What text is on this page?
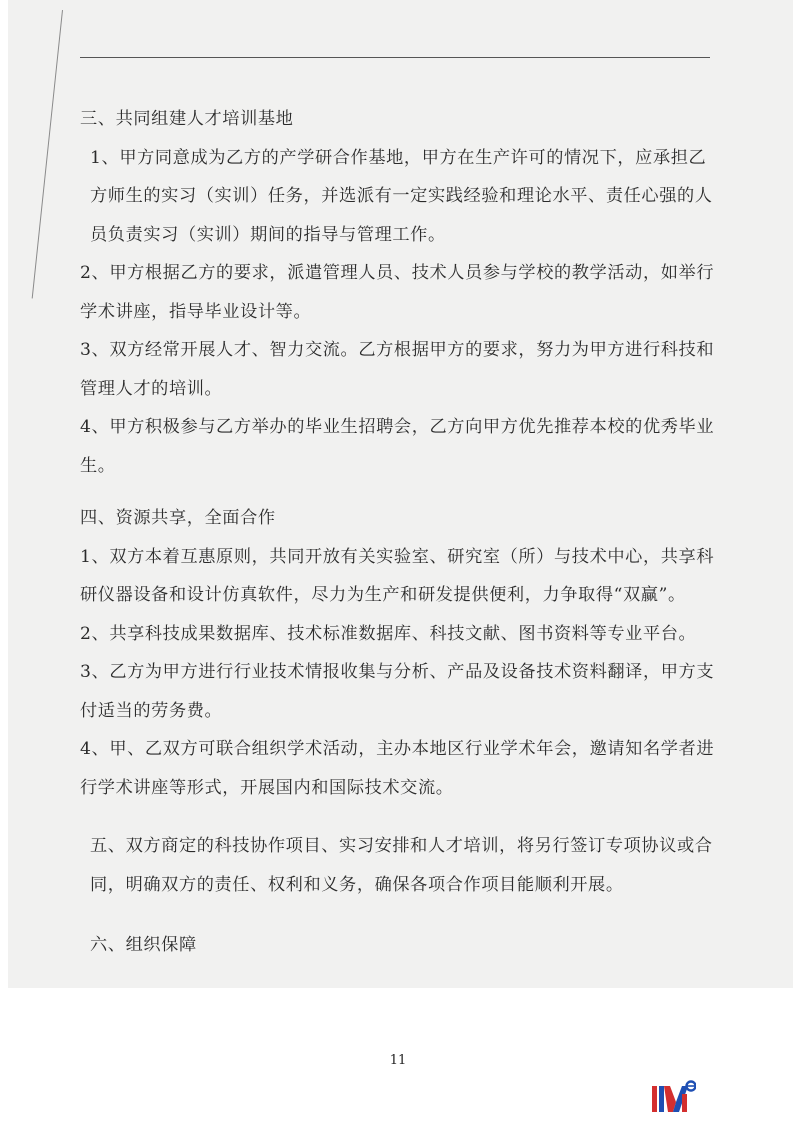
三、共同组建人才培训基地

1、甲方同意成为乙方的产学研合作基地，甲方在生产许可的情况下，应承担乙方师生的实习（实训）任务，并选派有一定实践经验和理论水平、责任心强的人员负责实习（实训）期间的指导与管理工作。

2、甲方根据乙方的要求，派遣管理人员、技术人员参与学校的教学活动，如举行学术讲座，指导毕业设计等。

3、双方经常开展人才、智力交流。乙方根据甲方的要求，努力为甲方进行科技和管理人才的培训。

4、甲方积极参与乙方举办的毕业生招聘会，乙方向甲方优先推荐本校的优秀毕业生。

四、资源共享，全面合作

1、双方本着互惠原则，共同开放有关实验室、研究室（所）与技术中心，共享科研仪器设备和设计仿真软件，尽力为生产和研发提供便利，力争取得“双赢”。

2、共享科技成果数据库、技术标准数据库、科技文献、图书资料等专业平台。

3、乙方为甲方进行行业技术情报收集与分析、产品及设备技术资料翻译，甲方支付适当的劳务费。

4、甲、乙双方可联合组织学术活动，主办本地区行业学术年会，邀请知名学者进行学术讲座等形式，开展国内和国际技术交流。

五、双方商定的科技协作项目、实习安排和人才培训，将另行签订专项协议或合同，明确双方的责任、权利和义务，确保各项合作项目能顺利开展。

六、组织保障

11
